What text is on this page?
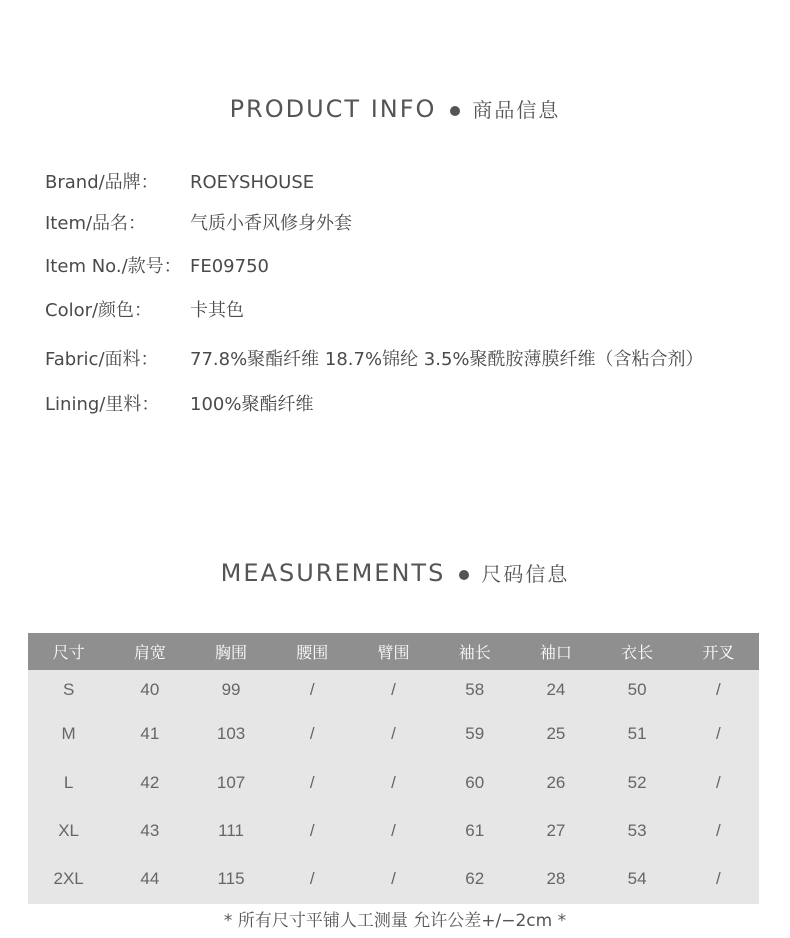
PRODUCT INFO 商品信息
Brand/品牌： ROEYSHOUSE
Item/品名： 气质小香风修身外套
Item No./款号： FE09750
Color/颜色： 卡其色
Fabric/面料： 77.8%聚酯纤维 18.7%锦纶 3.5%聚酰胺薄膜纤维（含粘合剂）
Lining/里料： 100%聚酯纤维
MEASUREMENTS 尺码信息
尺寸	肩宽	胸围	腰围	臂围	袖长	袖口	衣长	开叉
S	40	99	/	/	58	24	50	/
M	41	103	/	/	59	25	51	/
L	42	107	/	/	60	26	52	/
XL	43	111	/	/	61	27	53	/
2XL	44	115	/	/	62	28	54	/
* 所有尺寸平铺人工测量 允许公差+/−2cm *
